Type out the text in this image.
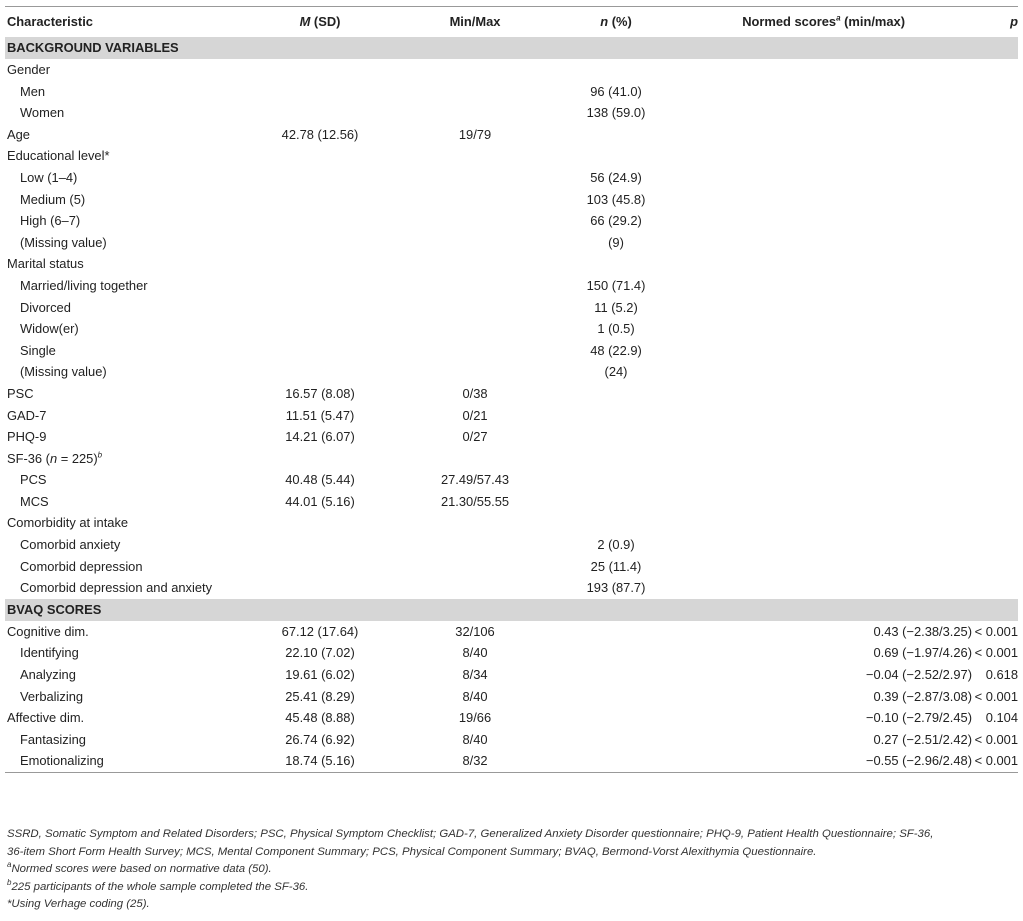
Characteristic	M (SD)	Min/Max	n (%)	Normed scores$^a$ (min/max)	p
BACKGROUND VARIABLES
Gender
Men	96 (41.0)
Women	138 (59.0)
Age	42.78 (12.56)	19/79
Educational level*
Low (1–4)	56 (24.9)
Medium (5)	103 (45.8)
High (6–7)	66 (29.2)
(Missing value)	(9)
Marital status
Married/living together	150 (71.4)
Divorced	11 (5.2)
Widow(er)	1 (0.5)
Single	48 (22.9)
(Missing value)	(24)
PSC	16.57 (8.08)	0/38
GAD-7	11.51 (5.47)	0/21
PHQ-9	14.21 (6.07)	0/27
SF-36 (n = 225)$^b$
PCS	40.48 (5.44)	27.49/57.43
MCS	44.01 (5.16)	21.30/55.55
Comorbidity at intake
Comorbid anxiety	2 (0.9)
Comorbid depression	25 (11.4)
Comorbid depression and anxiety	193 (87.7)
BVAQ SCORES
Cognitive dim.	67.12 (17.64)	32/106	0.43 (−2.38/3.25) < 0.001
Identifying	22.10 (7.02)	8/40	0.69 (−1.97/4.26) < 0.001
Analyzing	19.61 (6.02)	8/34	−0.04 (−2.52/2.97)	0.618
Verbalizing	25.41 (8.29)	8/40	0.39 (−2.87/3.08) < 0.001
Affective dim.	45.48 (8.88)	19/66	−0.10 (−2.79/2.45)	0.104
Fantasizing	26.74 (6.92)	8/40	0.27 (−2.51/2.42) < 0.001
Emotionalizing	18.74 (5.16)	8/32	−0.55 (−2.96/2.48) < 0.001
SSRD, Somatic Symptom and Related Disorders; PSC, Physical Symptom Checklist; GAD-7, Generalized Anxiety Disorder questionnaire; PHQ-9, Patient Health Questionnaire; SF-36,
36-item Short Form Health Survey; MCS, Mental Component Summary; PCS, Physical Component Summary; BVAQ, Bermond-Vorst Alexithymia Questionnaire.
$^a$Normed scores were based on normative data (50).
$^b$225 participants of the whole sample completed the SF-36.
*Using Verhage coding (25).
